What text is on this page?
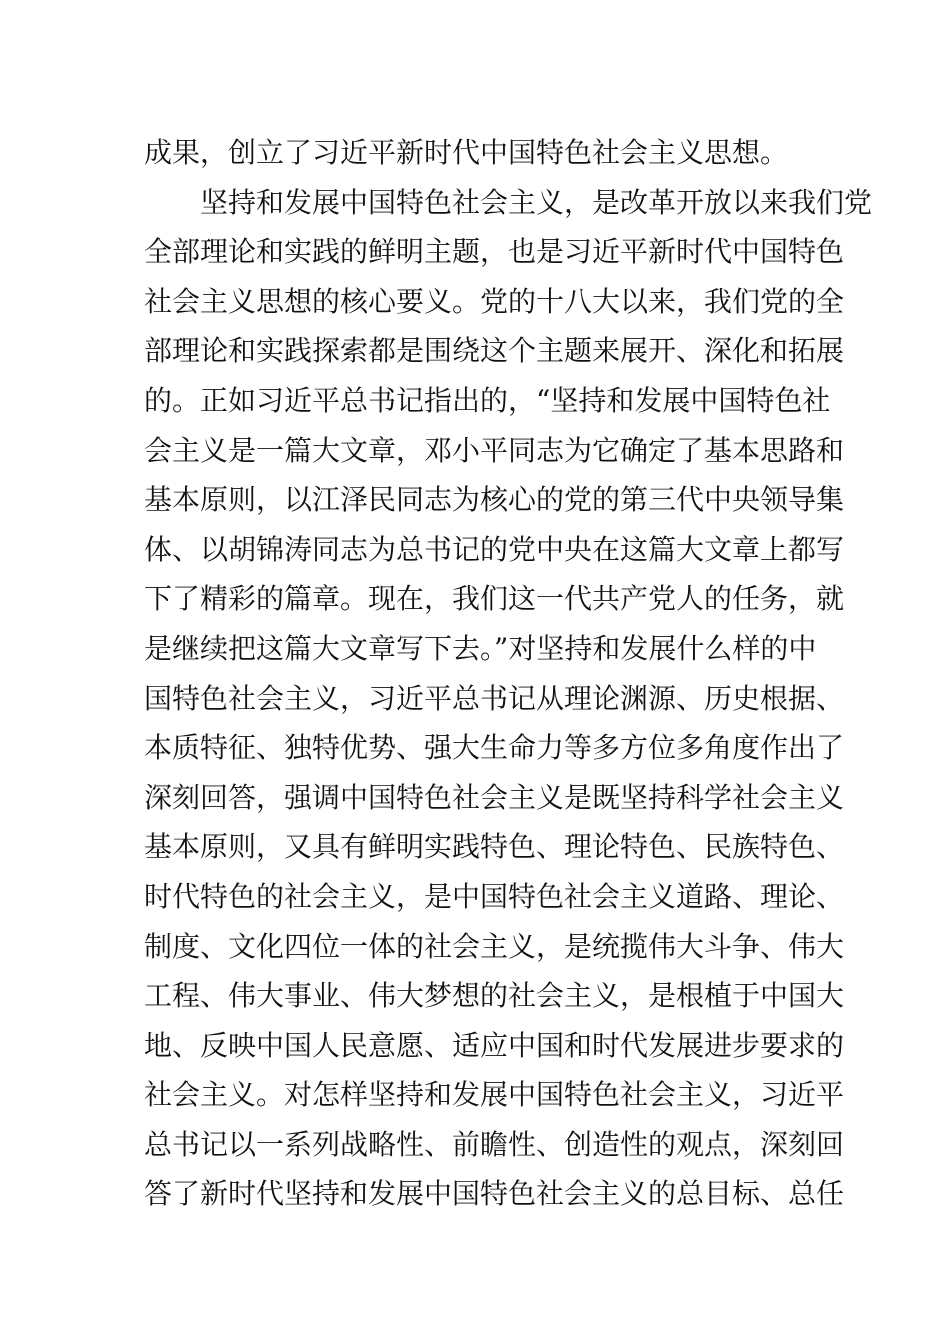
成果，创立了习近平新时代中国特色社会主义思想。
　　坚持和发展中国特色社会主义，是改革开放以来我们党
全部理论和实践的鲜明主题，也是习近平新时代中国特色
社会主义思想的核心要义。党的十八大以来，我们党的全
部理论和实践探索都是围绕这个主题来展开、深化和拓展
的。正如习近平总书记指出的，“坚持和发展中国特色社
会主义是一篇大文章，邓小平同志为它确定了基本思路和
基本原则，以江泽民同志为核心的党的第三代中央领导集
体、以胡锦涛同志为总书记的党中央在这篇大文章上都写
下了精彩的篇章。现在，我们这一代共产党人的任务，就
是继续把这篇大文章写下去。”对坚持和发展什么样的中
国特色社会主义，习近平总书记从理论渊源、历史根据、
本质特征、独特优势、强大生命力等多方位多角度作出了
深刻回答，强调中国特色社会主义是既坚持科学社会主义
基本原则，又具有鲜明实践特色、理论特色、民族特色、
时代特色的社会主义，是中国特色社会主义道路、理论、
制度、文化四位一体的社会主义，是统揽伟大斗争、伟大
工程、伟大事业、伟大梦想的社会主义，是根植于中国大
地、反映中国人民意愿、适应中国和时代发展进步要求的
社会主义。对怎样坚持和发展中国特色社会主义，习近平
总书记以一系列战略性、前瞻性、创造性的观点，深刻回
答了新时代坚持和发展中国特色社会主义的总目标、总任
